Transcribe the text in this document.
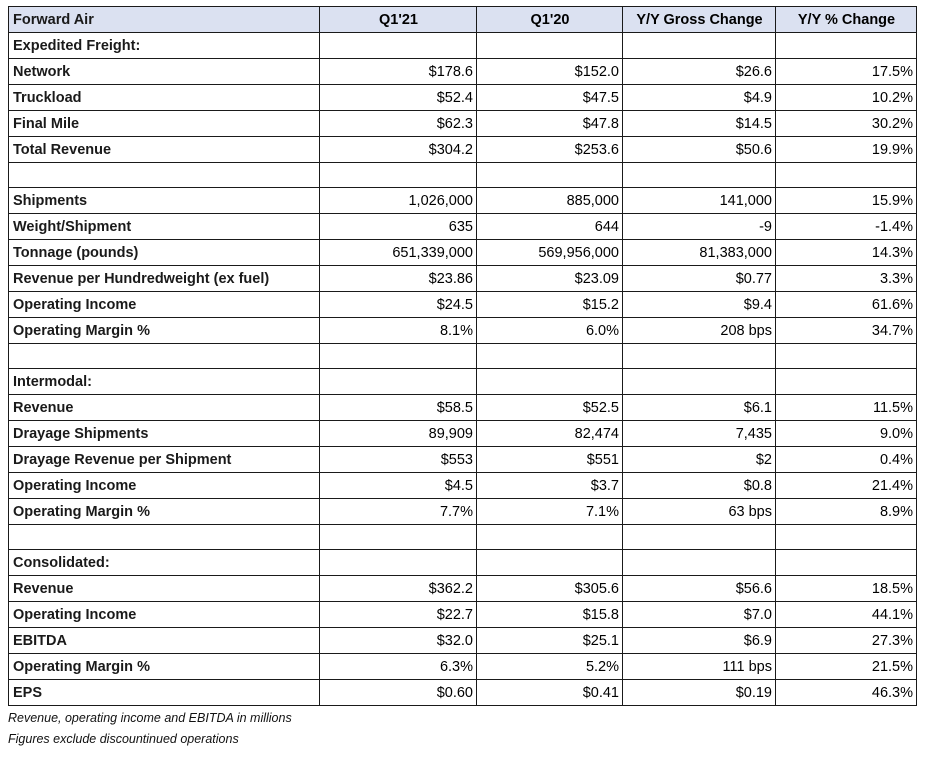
Forward Air	Q1'21	Q1'20	Y/Y Gross Change	Y/Y % Change
Expedited Freight:				
Network	$178.6	$152.0	$26.6	17.5%
Truckload	$52.4	$47.5	$4.9	10.2%
Final Mile	$62.3	$47.8	$14.5	30.2%
Total Revenue	$304.2	$253.6	$50.6	19.9%

Shipments	1,026,000	885,000	141,000	15.9%
Weight/Shipment	635	644	-9	-1.4%
Tonnage (pounds)	651,339,000	569,956,000	81,383,000	14.3%
Revenue per Hundredweight (ex fuel)	$23.86	$23.09	$0.77	3.3%
Operating Income	$24.5	$15.2	$9.4	61.6%
Operating Margin %	8.1%	6.0%	208 bps	34.7%

Intermodal:				
Revenue	$58.5	$52.5	$6.1	11.5%
Drayage Shipments	89,909	82,474	7,435	9.0%
Drayage Revenue per Shipment	$553	$551	$2	0.4%
Operating Income	$4.5	$3.7	$0.8	21.4%
Operating Margin %	7.7%	7.1%	63 bps	8.9%

Consolidated:				
Revenue	$362.2	$305.6	$56.6	18.5%
Operating Income	$22.7	$15.8	$7.0	44.1%
EBITDA	$32.0	$25.1	$6.9	27.3%
Operating Margin %	6.3%	5.2%	111 bps	21.5%
EPS	$0.60	$0.41	$0.19	46.3%
Revenue, operating income and EBITDA in millions
Figures exclude discountinued operations
